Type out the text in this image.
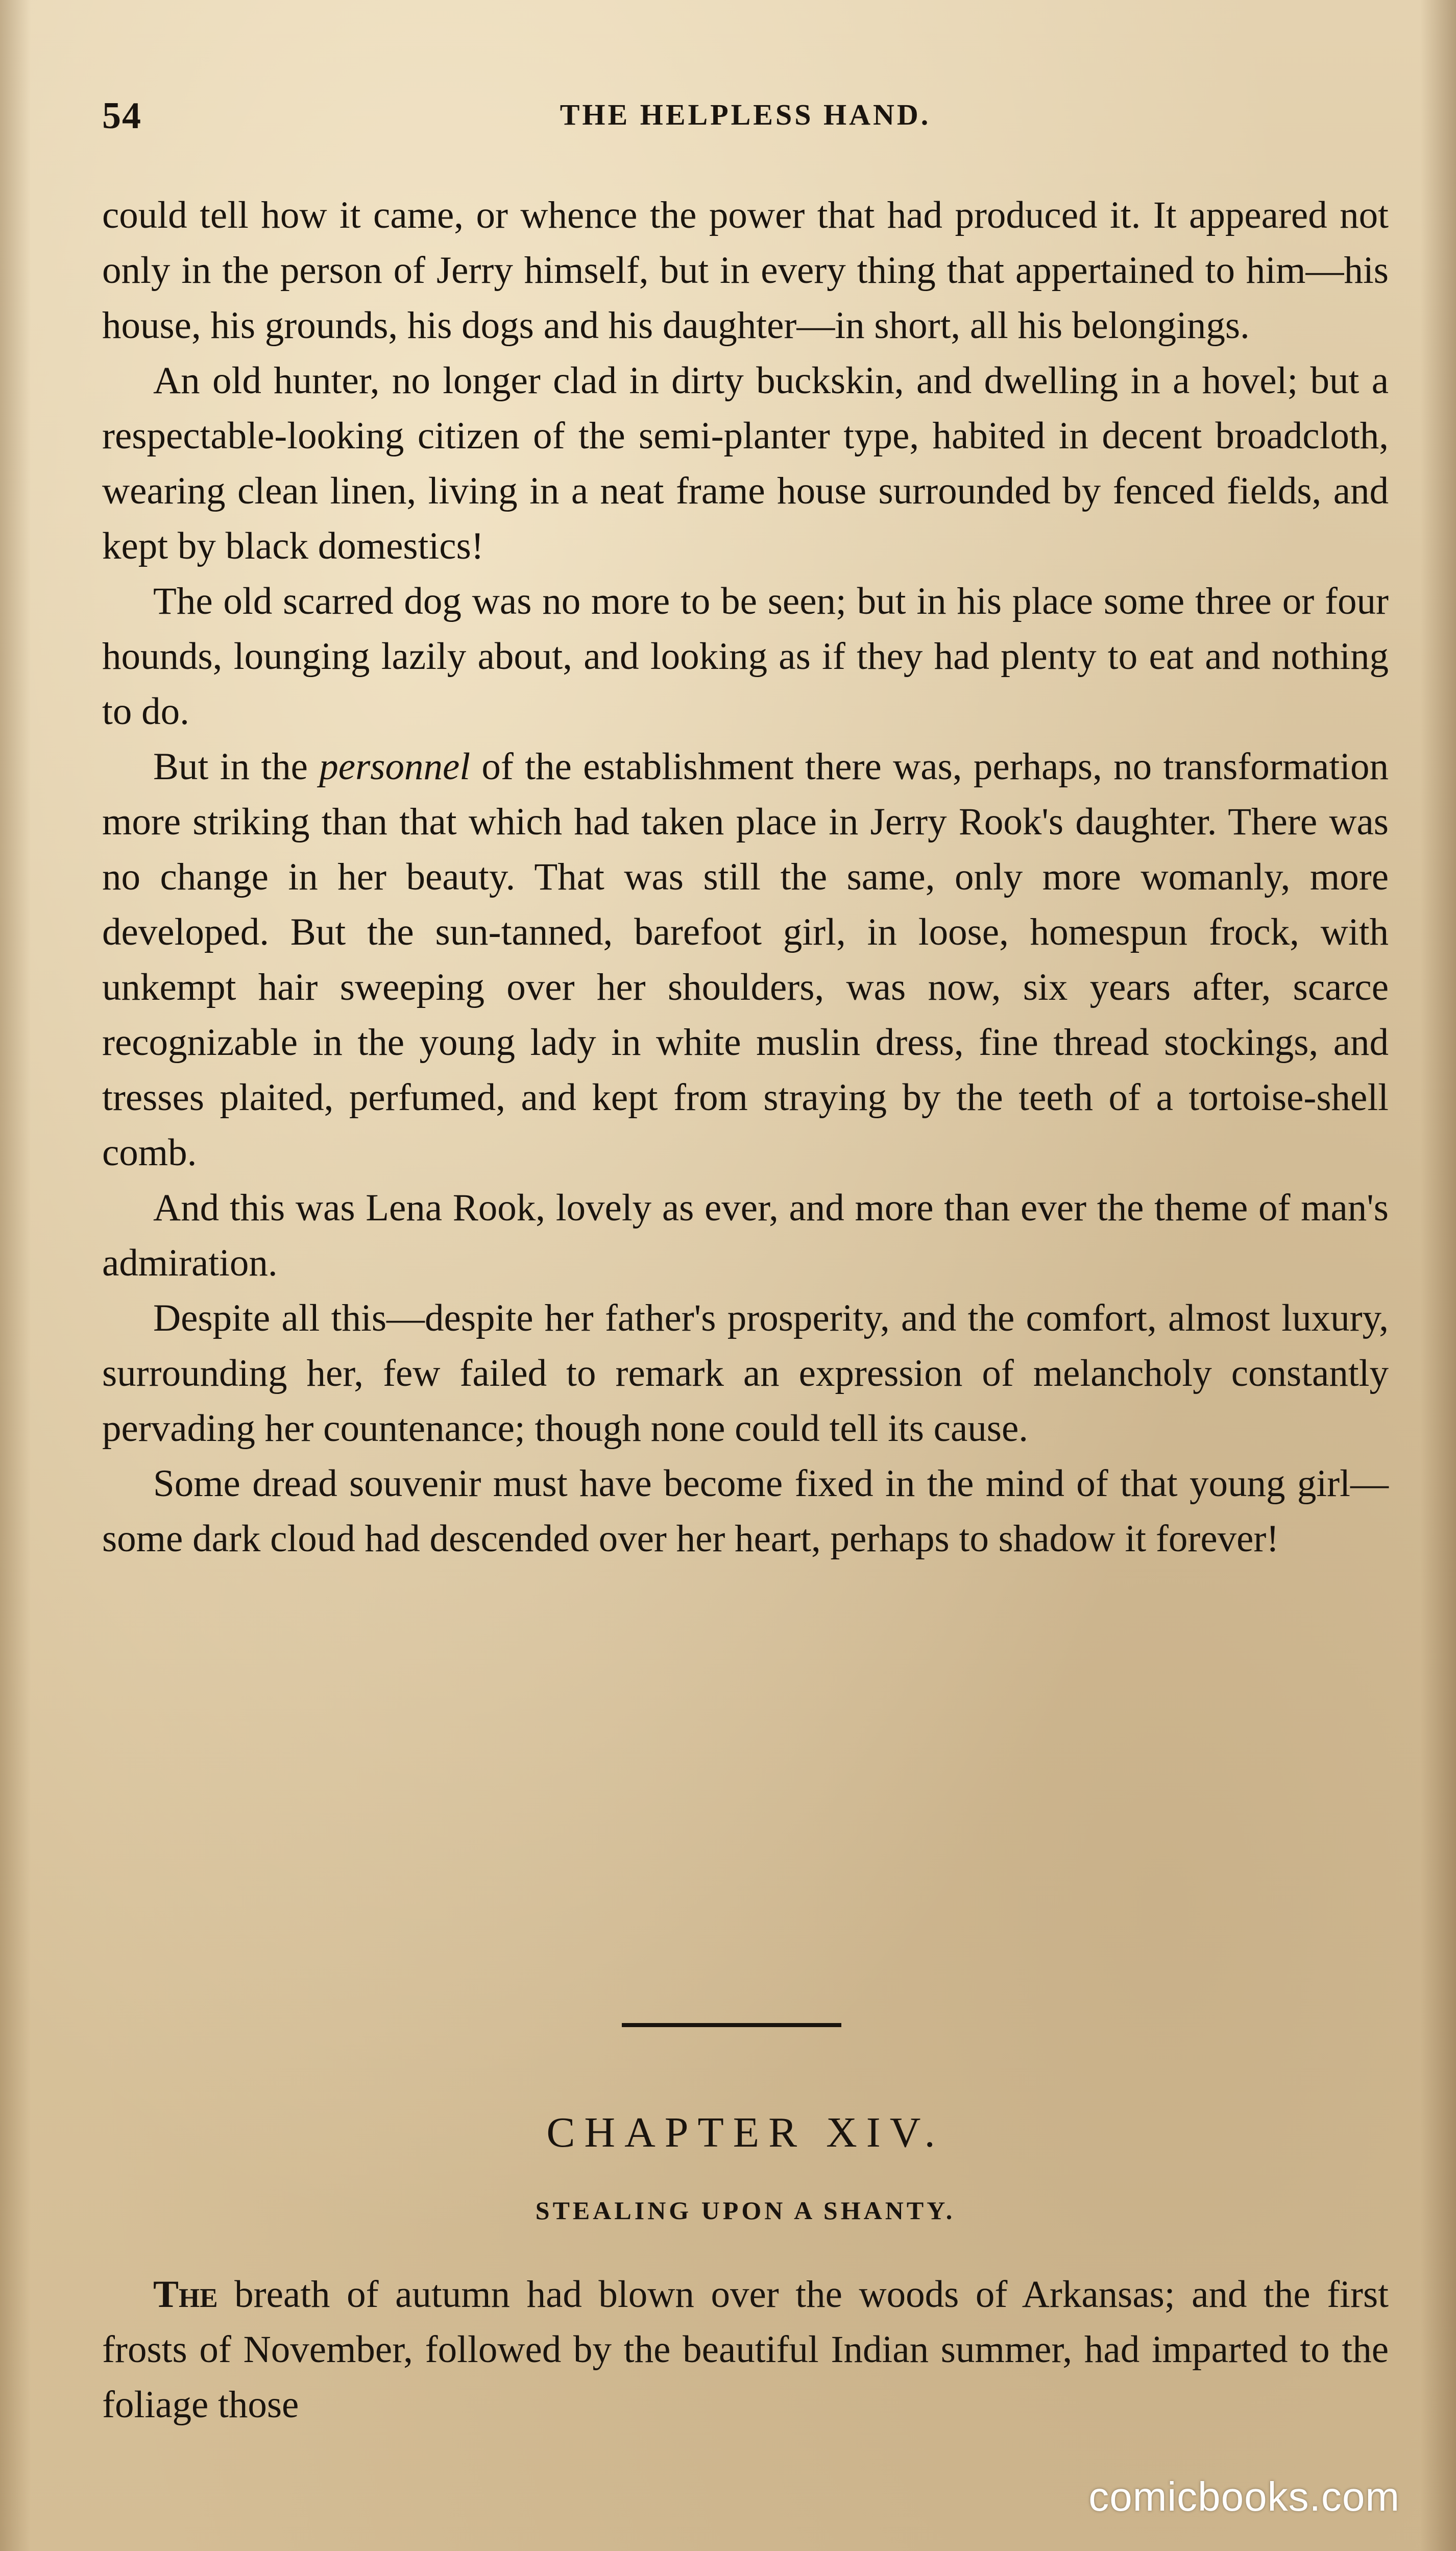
54	THE HELPLESS HAND.

could tell how it came, or whence the power that had produced it. It appeared not only in the person of Jerry himself, but in every thing that appertained to him—his house, his grounds, his dogs and his daughter—in short, all his belongings.

An old hunter, no longer clad in dirty buckskin, and dwelling in a hovel; but a respectable-looking citizen of the semi-planter type, habited in decent broadcloth, wearing clean linen, living in a neat frame house surrounded by fenced fields, and kept by black domestics!

The old scarred dog was no more to be seen; but in his place some three or four hounds, lounging lazily about, and looking as if they had plenty to eat and nothing to do.

But in the personnel of the establishment there was, perhaps, no transformation more striking than that which had taken place in Jerry Rook's daughter. There was no change in her beauty. That was still the same, only more womanly, more developed. But the sun-tanned, barefoot girl, in loose, homespun frock, with unkempt hair sweeping over her shoulders, was now, six years after, scarce recognizable in the young lady in white muslin dress, fine thread stockings, and tresses plaited, perfumed, and kept from straying by the teeth of a tortoise-shell comb.

And this was Lena Rook, lovely as ever, and more than ever the theme of man's admiration.

Despite all this—despite her father's prosperity, and the comfort, almost luxury, surrounding her, few failed to remark an expression of melancholy constantly pervading her countenance; though none could tell its cause.

Some dread souvenir must have become fixed in the mind of that young girl—some dark cloud had descended over her heart, perhaps to shadow it forever!

CHAPTER XIV.
STEALING UPON A SHANTY.

The breath of autumn had blown over the woods of Arkansas; and the first frosts of November, followed by the beautiful Indian summer, had imparted to the foliage those

comicbooks.com
